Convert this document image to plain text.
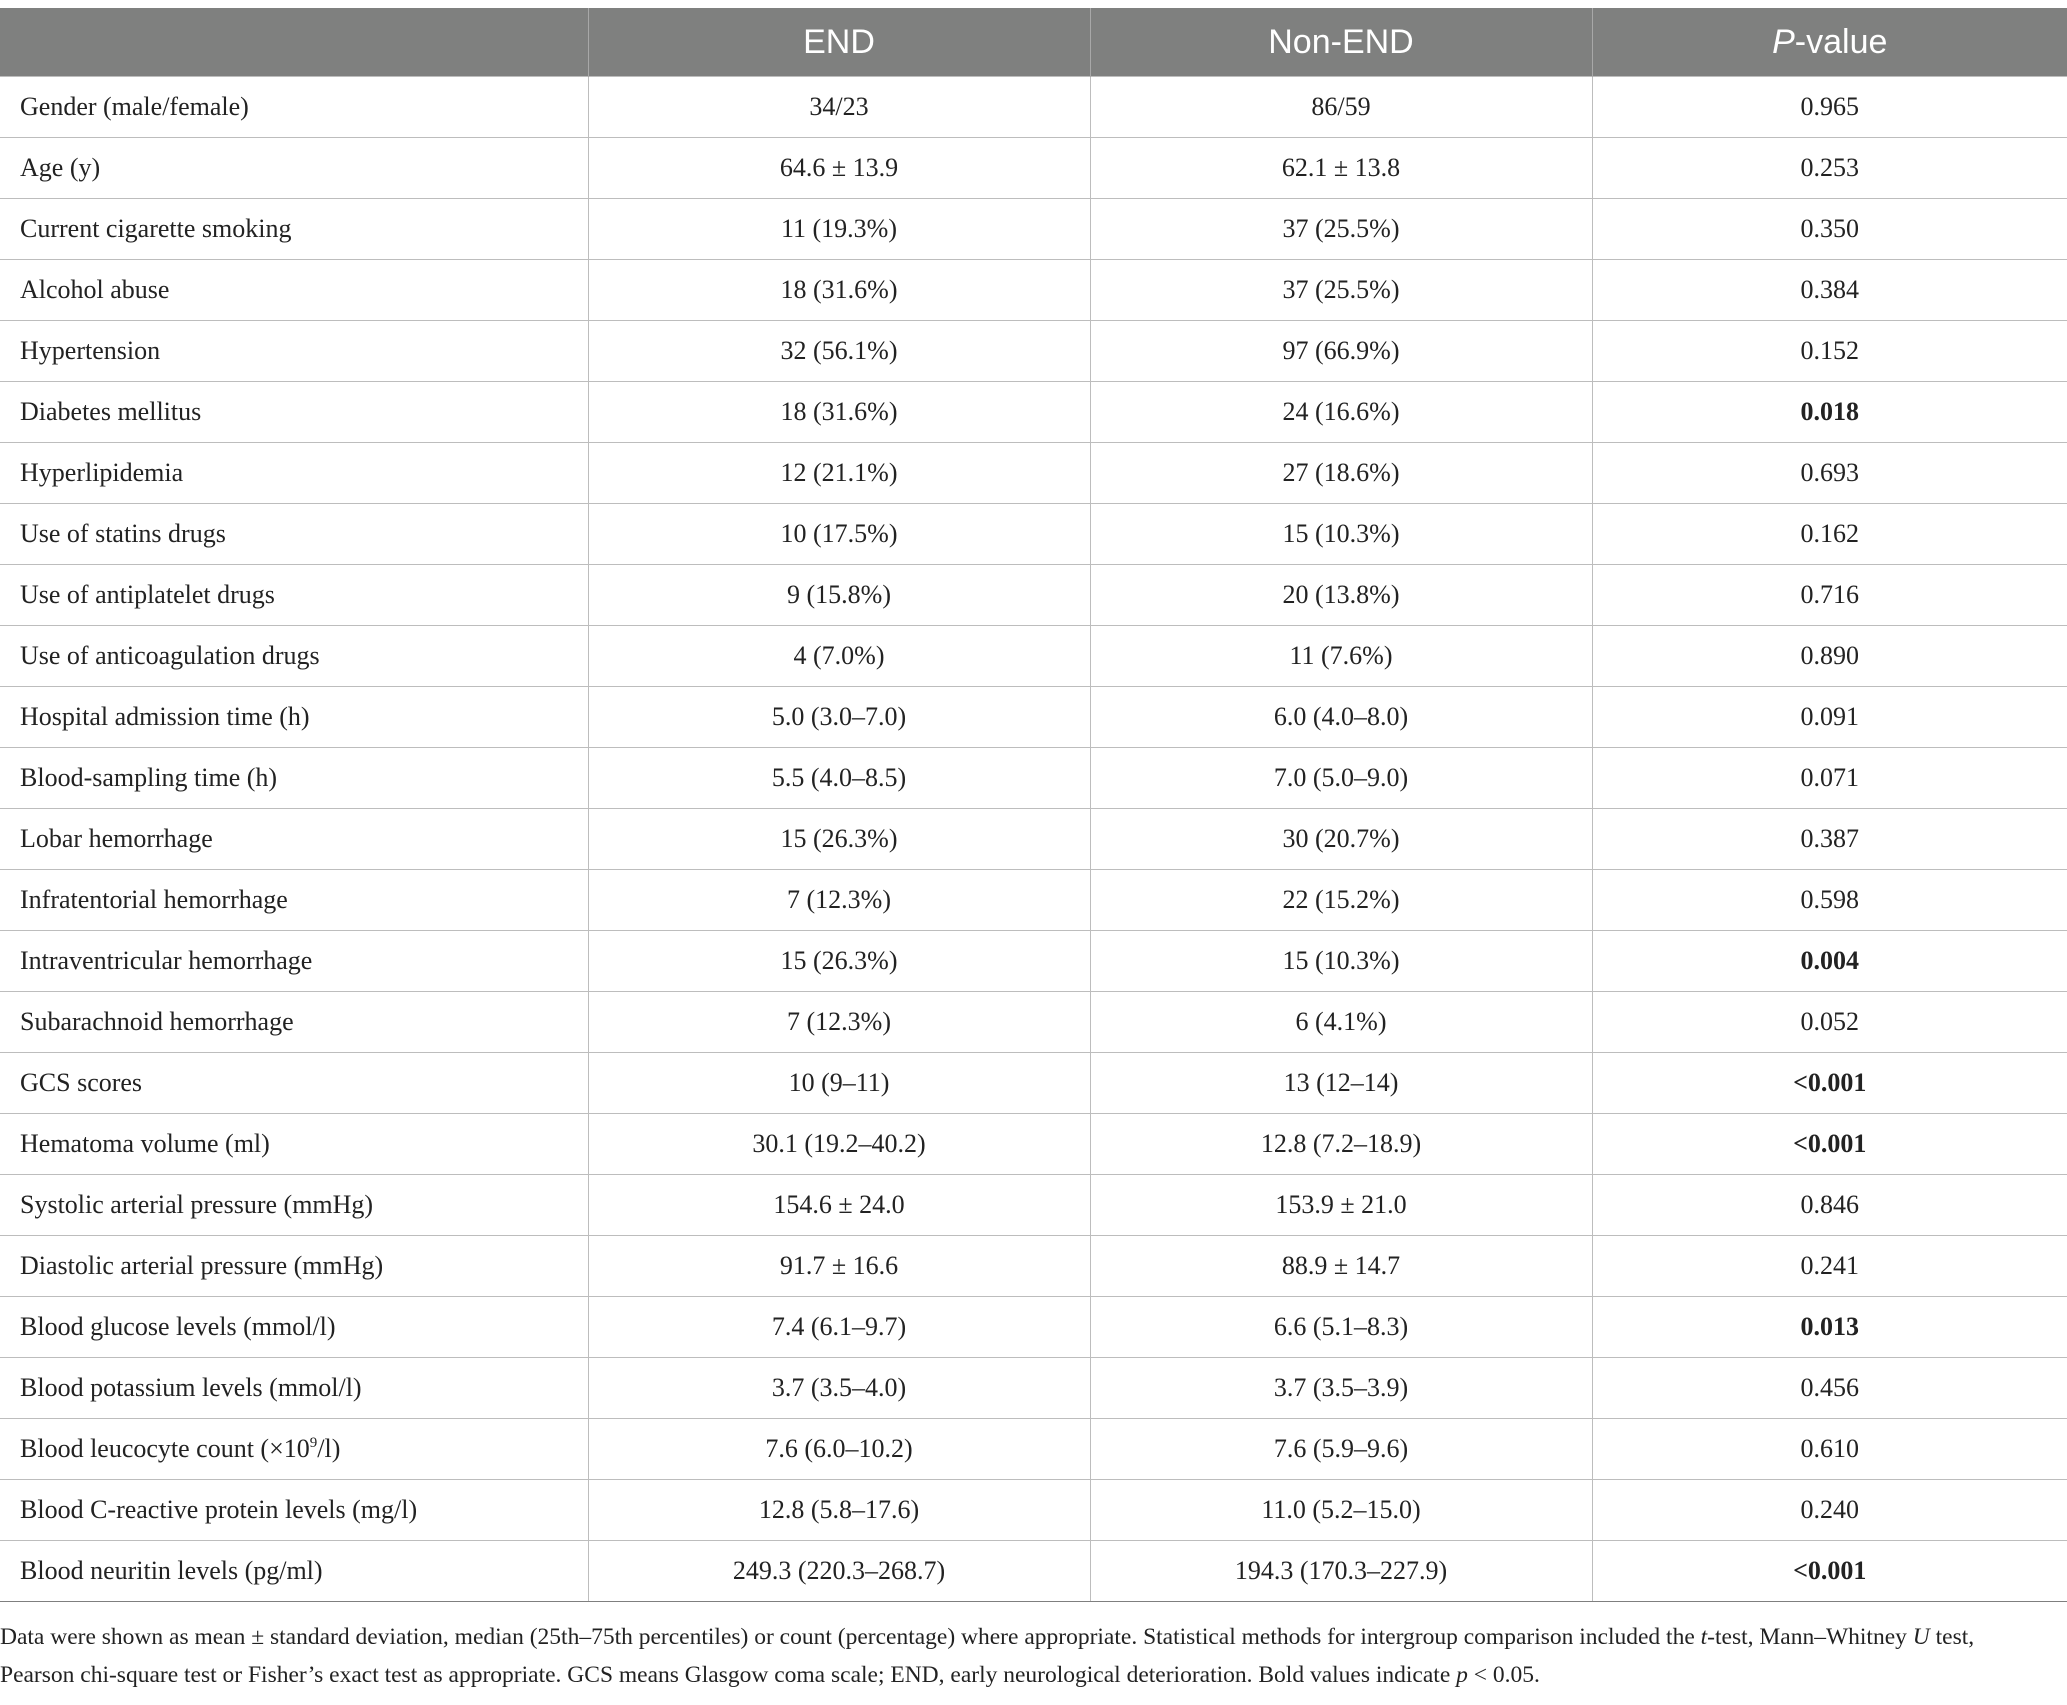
	END	Non-END	P-value
Gender (male/female)	34/23	86/59	0.965
Age (y)	64.6 ± 13.9	62.1 ± 13.8	0.253
Current cigarette smoking	11 (19.3%)	37 (25.5%)	0.350
Alcohol abuse	18 (31.6%)	37 (25.5%)	0.384
Hypertension	32 (56.1%)	97 (66.9%)	0.152
Diabetes mellitus	18 (31.6%)	24 (16.6%)	0.018
Hyperlipidemia	12 (21.1%)	27 (18.6%)	0.693
Use of statins drugs	10 (17.5%)	15 (10.3%)	0.162
Use of antiplatelet drugs	9 (15.8%)	20 (13.8%)	0.716
Use of anticoagulation drugs	4 (7.0%)	11 (7.6%)	0.890
Hospital admission time (h)	5.0 (3.0–7.0)	6.0 (4.0–8.0)	0.091
Blood-sampling time (h)	5.5 (4.0–8.5)	7.0 (5.0–9.0)	0.071
Lobar hemorrhage	15 (26.3%)	30 (20.7%)	0.387
Infratentorial hemorrhage	7 (12.3%)	22 (15.2%)	0.598
Intraventricular hemorrhage	15 (26.3%)	15 (10.3%)	0.004
Subarachnoid hemorrhage	7 (12.3%)	6 (4.1%)	0.052
GCS scores	10 (9–11)	13 (12–14)	<0.001
Hematoma volume (ml)	30.1 (19.2–40.2)	12.8 (7.2–18.9)	<0.001
Systolic arterial pressure (mmHg)	154.6 ± 24.0	153.9 ± 21.0	0.846
Diastolic arterial pressure (mmHg)	91.7 ± 16.6	88.9 ± 14.7	0.241
Blood glucose levels (mmol/l)	7.4 (6.1–9.7)	6.6 (5.1–8.3)	0.013
Blood potassium levels (mmol/l)	3.7 (3.5–4.0)	3.7 (3.5–3.9)	0.456
Blood leucocyte count $(\times 10^9/l)$	7.6 (6.0–10.2)	7.6 (5.9–9.6)	0.610
Blood C-reactive protein levels (mg/l)	12.8 (5.8–17.6)	11.0 (5.2–15.0)	0.240
Blood neuritin levels (pg/ml)	249.3 (220.3–268.7)	194.3 (170.3–227.9)	<0.001
Data were shown as mean ± standard deviation, median (25th–75th percentiles) or count (percentage) where appropriate. Statistical methods for intergroup comparison included the t-test, Mann–Whitney U test, Pearson chi-square test or Fisher’s exact test as appropriate. GCS means Glasgow coma scale; END, early neurological deterioration. Bold values indicate p < 0.05.
